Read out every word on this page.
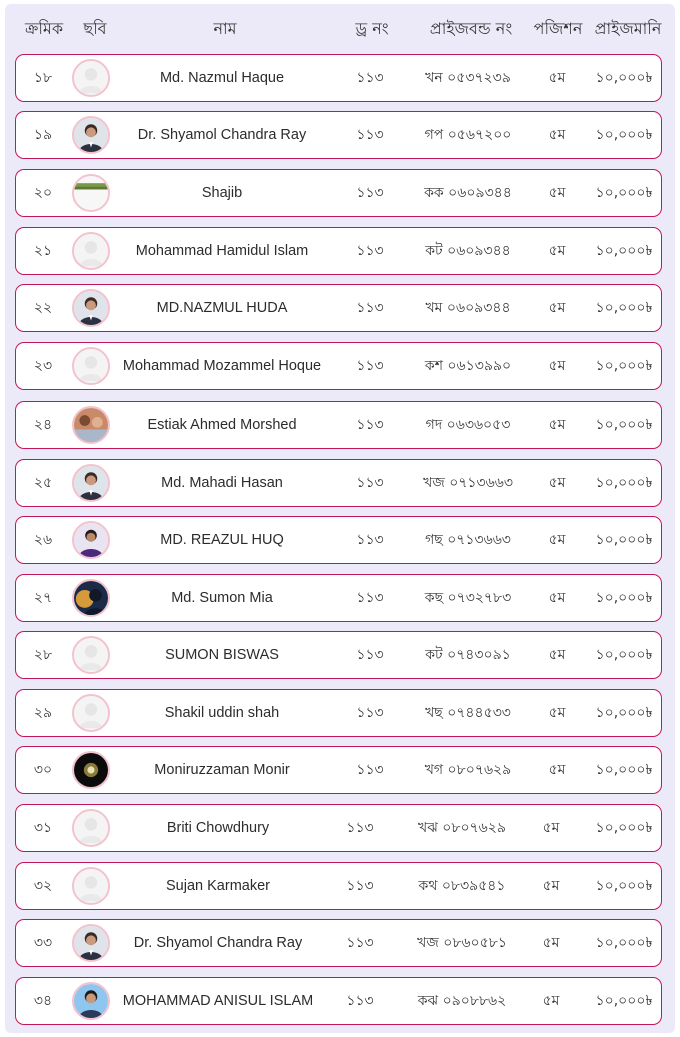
ক্রমিক ছবি	নাম	ড্র নং	প্রাইজবন্ড নং পজিশন প্রাইজমানি
১৮	Md. Nazmul Haque	১১৩	খন ০৫৩৭২৩৯	৫ম ১০,০০০৳
১৯	Dr. Shyamol Chandra Ray	১১৩	গপ ০৫৬৭২০০	৫ম ১০,০০০৳
২০	Shajib	১১৩	কক ০৬০৯৩৪৪	৫ম ১০,০০০৳
২১	Mohammad Hamidul Islam	১১৩	কট ০৬০৯৩৪৪	৫ম ১০,০০০৳
২২	MD.NAZMUL HUDA	১১৩	খম ০৬০৯৩৪৪	৫ম ১০,০০০৳
২৩	Mohammad Mozammel Hoque	১১৩	কশ ০৬১৩৯৯০	৫ম ১০,০০০৳
২৪	Estiak Ahmed Morshed	১১৩	গদ ০৬৩৬০৫৩	৫ম ১০,০০০৳
২৫	Md. Mahadi Hasan	১১৩	খজ ০৭১৩৬৬৩	৫ম ১০,০০০৳
২৬	MD. REAZUL HUQ	১১৩	গছ ০৭১৩৬৬৩	৫ম ১০,০০০৳
২৭	Md. Sumon Mia	১১৩	কছ ০৭৩২৭৮৩	৫ম ১০,০০০৳
২৮	SUMON BISWAS	১১৩	কট ০৭৪৩০৯১	৫ম ১০,০০০৳
২৯	Shakil uddin shah	১১৩	খছ ০৭৪৪৫৩৩	৫ম ১০,০০০৳
৩০	Moniruzzaman Monir	১১৩	খগ ০৮০৭৬২৯	৫ম ১০,০০০৳
৩১	Briti Chowdhury	১১৩	খঝ ০৮০৭৬২৯	৫ম	১০,০০০৳
৩২	Sujan Karmaker	১১৩	কথ ০৮৩৯৫৪১	৫ম	১০,০০০৳
৩৩	Dr. Shyamol Chandra Ray	১১৩	খজ ০৮৬০৫৮১	৫ম	১০,০০০৳
৩৪	MOHAMMAD ANISUL ISLAM ১১৩	কঝ ০৯০৮৮৬২	৫ম	১০,০০০৳
